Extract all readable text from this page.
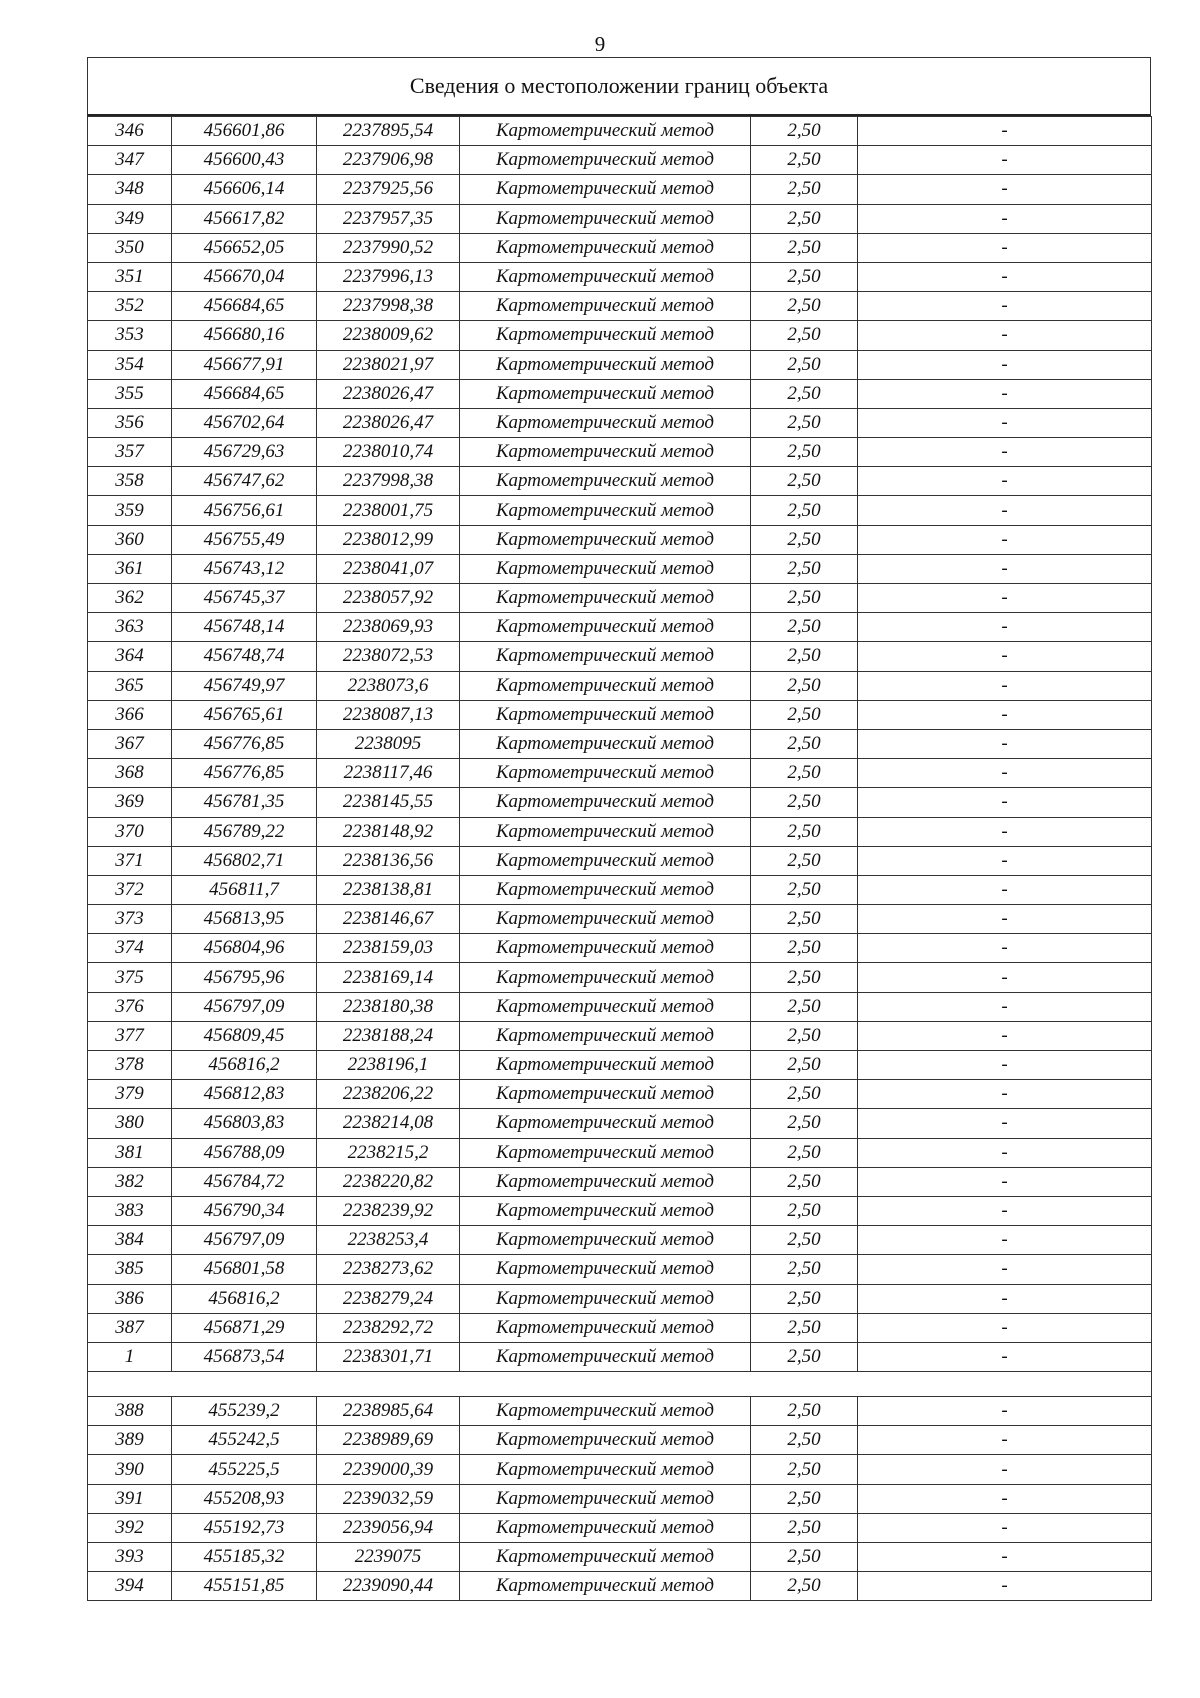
9
Сведения о местоположении границ объекта
346	456601,86	2237895,54	Картометрический метод	2,50	-
347	456600,43	2237906,98	Картометрический метод	2,50	-
348	456606,14	2237925,56	Картометрический метод	2,50	-
349	456617,82	2237957,35	Картометрический метод	2,50	-
350	456652,05	2237990,52	Картометрический метод	2,50	-
351	456670,04	2237996,13	Картометрический метод	2,50	-
352	456684,65	2237998,38	Картометрический метод	2,50	-
353	456680,16	2238009,62	Картометрический метод	2,50	-
354	456677,91	2238021,97	Картометрический метод	2,50	-
355	456684,65	2238026,47	Картометрический метод	2,50	-
356	456702,64	2238026,47	Картометрический метод	2,50	-
357	456729,63	2238010,74	Картометрический метод	2,50	-
358	456747,62	2237998,38	Картометрический метод	2,50	-
359	456756,61	2238001,75	Картометрический метод	2,50	-
360	456755,49	2238012,99	Картометрический метод	2,50	-
361	456743,12	2238041,07	Картометрический метод	2,50	-
362	456745,37	2238057,92	Картометрический метод	2,50	-
363	456748,14	2238069,93	Картометрический метод	2,50	-
364	456748,74	2238072,53	Картометрический метод	2,50	-
365	456749,97	2238073,6	Картометрический метод	2,50	-
366	456765,61	2238087,13	Картометрический метод	2,50	-
367	456776,85	2238095	Картометрический метод	2,50	-
368	456776,85	2238117,46	Картометрический метод	2,50	-
369	456781,35	2238145,55	Картометрический метод	2,50	-
370	456789,22	2238148,92	Картометрический метод	2,50	-
371	456802,71	2238136,56	Картометрический метод	2,50	-
372	456811,7	2238138,81	Картометрический метод	2,50	-
373	456813,95	2238146,67	Картометрический метод	2,50	-
374	456804,96	2238159,03	Картометрический метод	2,50	-
375	456795,96	2238169,14	Картометрический метод	2,50	-
376	456797,09	2238180,38	Картометрический метод	2,50	-
377	456809,45	2238188,24	Картометрический метод	2,50	-
378	456816,2	2238196,1	Картометрический метод	2,50	-
379	456812,83	2238206,22	Картометрический метод	2,50	-
380	456803,83	2238214,08	Картометрический метод	2,50	-
381	456788,09	2238215,2	Картометрический метод	2,50	-
382	456784,72	2238220,82	Картометрический метод	2,50	-
383	456790,34	2238239,92	Картометрический метод	2,50	-
384	456797,09	2238253,4	Картометрический метод	2,50	-
385	456801,58	2238273,62	Картометрический метод	2,50	-
386	456816,2	2238279,24	Картометрический метод	2,50	-
387	456871,29	2238292,72	Картометрический метод	2,50	-
1	456873,54	2238301,71	Картометрический метод	2,50	-

388	455239,2	2238985,64	Картометрический метод	2,50	-
389	455242,5	2238989,69	Картометрический метод	2,50	-
390	455225,5	2239000,39	Картометрический метод	2,50	-
391	455208,93	2239032,59	Картометрический метод	2,50	-
392	455192,73	2239056,94	Картометрический метод	2,50	-
393	455185,32	2239075	Картометрический метод	2,50	-
394	455151,85	2239090,44	Картометрический метод	2,50	-
